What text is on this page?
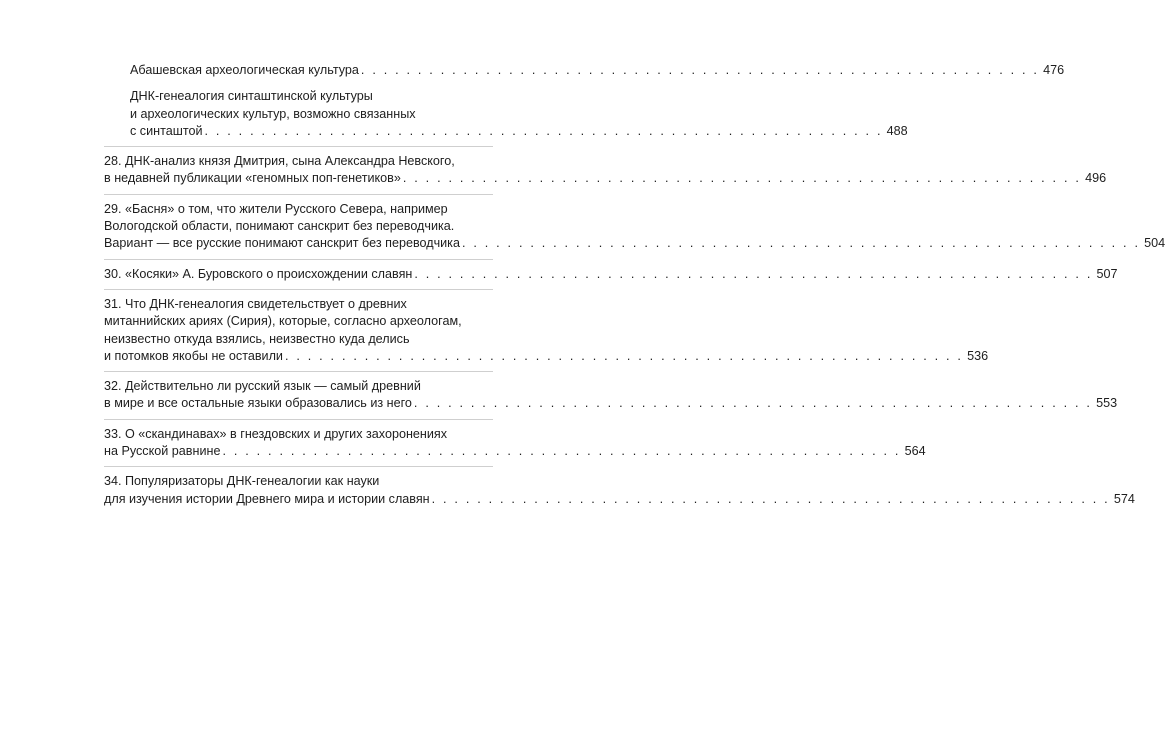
Абашевская археологическая культура . . . . . . . . . . . . . . . . . . . . . . . . . . . . . . . . . . . . . . . . . . . . . . . . . . . . . . . . . . . . 476
ДНК-генеалогия синташтинской культуры
и археологических культур, возможно связанных
с синташтой . . . . . . . . . . . . . . . . . . . . . . . . . . . . . . . . . . . . . . . . . . . . . . . . . . . . . . . . . . . . 488
28. ДНК-анализ князя Дмитрия, сына Александра Невского,
в недавней публикации «геномных поп-генетиков» . . . . . . . . . . . . . . . . . . . . . . . . . . . . . . . . . . . . . . . . . . . . . . . . . . . . . . . . . . . . 496
29. «Басня» о том, что жители Русского Севера, например
Вологодской области, понимают санскрит без переводчика.
Вариант — все русские понимают санскрит без переводчика . . . . . . . . . . . . . . . . . . . . . . . . . . . . . . . . . . . . . . . . . . . . . . . . . . . . . . . . . . . . 504
30. «Косяки» А. Буровского о происхождении славян . . . . . . . . . . . . . . . . . . . . . . . . . . . . . . . . . . . . . . . . . . . . . . . . . . . . . . . . . . . . 507
31. Что ДНК-генеалогия свидетельствует о древних
митаннийских ариях (Сирия), которые, согласно археологам,
неизвестно откуда взялись, неизвестно куда делись
и потомков якобы не оставили . . . . . . . . . . . . . . . . . . . . . . . . . . . . . . . . . . . . . . . . . . . . . . . . . . . . . . . . . . . . 536
32. Действительно ли русский язык — самый древний
в мире и все остальные языки образовались из него . . . . . . . . . . . . . . . . . . . . . . . . . . . . . . . . . . . . . . . . . . . . . . . . . . . . . . . . . . . . 553
33. О «скандинавах» в гнездовских и других захоронениях
на Русской равнине . . . . . . . . . . . . . . . . . . . . . . . . . . . . . . . . . . . . . . . . . . . . . . . . . . . . . . . . . . . . 564
34. Популяризаторы ДНК-генеалогии как науки
для изучения истории Древнего мира и истории славян . . . . . . . . . . . . . . . . . . . . . . . . . . . . . . . . . . . . . . . . . . . . . . . . . . . . . . . . . . . . 574
